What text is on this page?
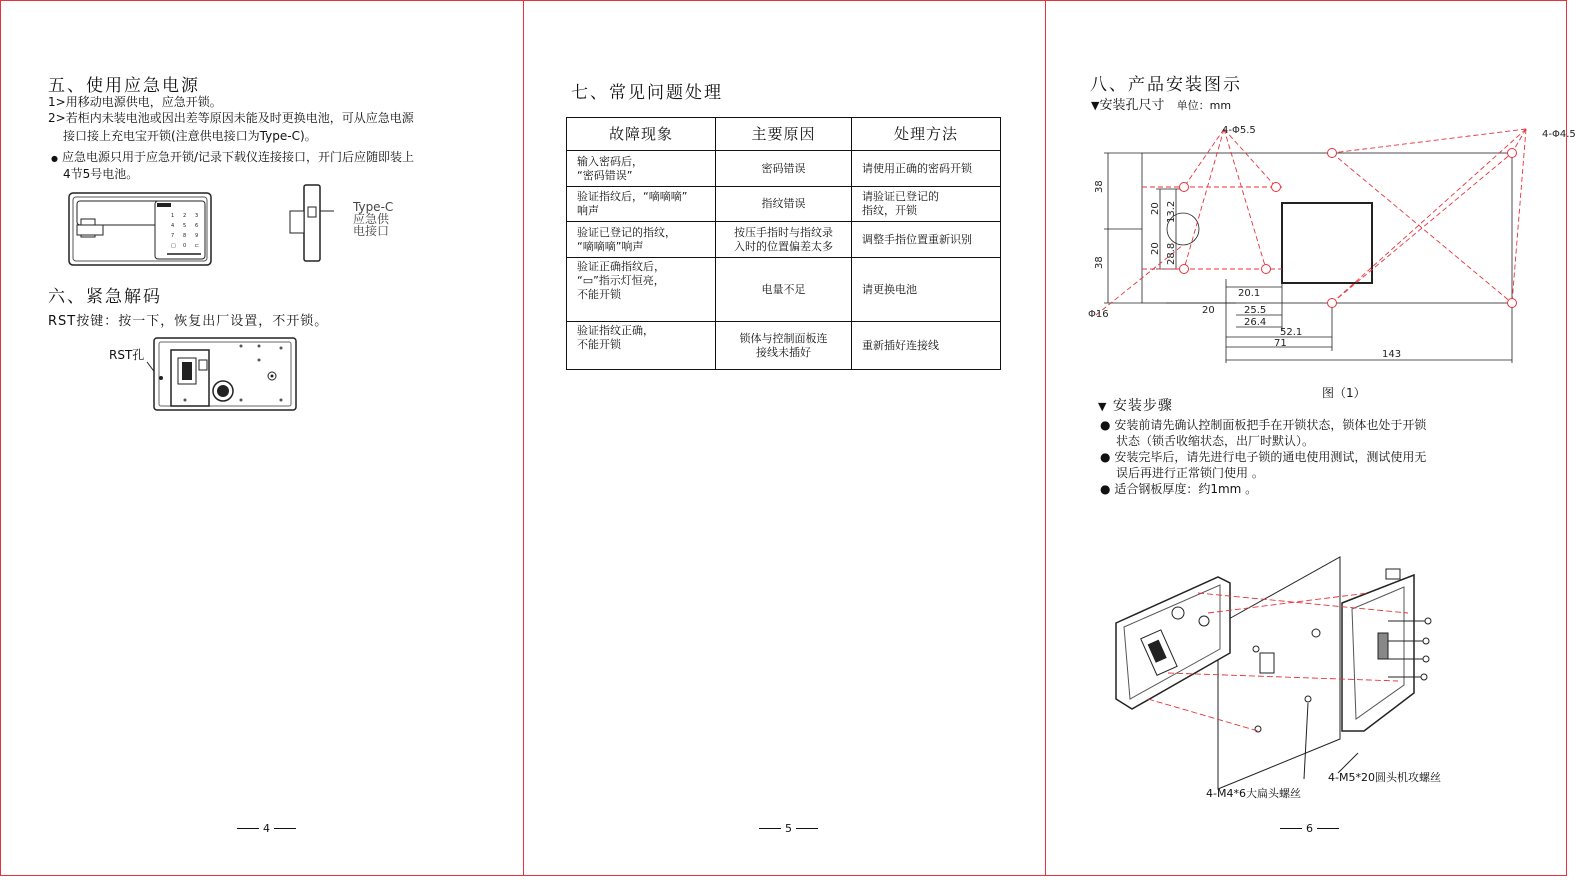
五、使用应急电源
1>用移动电源供电，应急开锁。
2>若柜内未装电池或因出差等原因未能及时更换电池，可从应急电源
接口接上充电宝开锁(注意供电接口为Type-C)。
● 应急电源只用于应急开锁/记录下载仪连接接口，开门后应随即装上
4节5号电池。
1 2 3
4 5 6
7 8 9
□ 0 ⊏
Type-C
应急供
电接口
六、紧急解码
RST按键：按一下，恢复出厂设置，不开锁。
RST孔
4
七、常见问题处理
故障现象	主要原因	处理方法
输入密码后，
“密码错误”	密码错误	请使用正确的密码开锁
验证指纹后，“嘀嘀嘀”
响声	指纹错误	请验证已登记的
指纹，开锁
验证已登记的指纹，
“嘀嘀嘀”响声	按压手指时与指纹录
入时的位置偏差太多	调整手指位置重新识别
验证正确指纹后，
“▭”指示灯恒亮，
不能开锁	电量不足	请更换电池
验证指纹正确，
不能开锁	锁体与控制面板连
接线未插好	重新插好连接线
5
八、产品安装图示
▼安装孔尺寸 单位：mm
4-Φ5.5	4-Φ4.5
38
38
20 13.2
20 28.8
20.1
20	25.5
26.4
52.1
71
143
Φ16
图（1）
▼ 安装步骤
● 安装前请先确认控制面板把手在开锁状态，锁体也处于开锁
状态（锁舌收缩状态，出厂时默认）。
● 安装完毕后，请先进行电子锁的通电使用测试，测试使用无
误后再进行正常锁门使用 。
● 适合钢板厚度：约1mm 。
4-M5*20圆头机攻螺丝
4-M4*6大扁头螺丝
6
